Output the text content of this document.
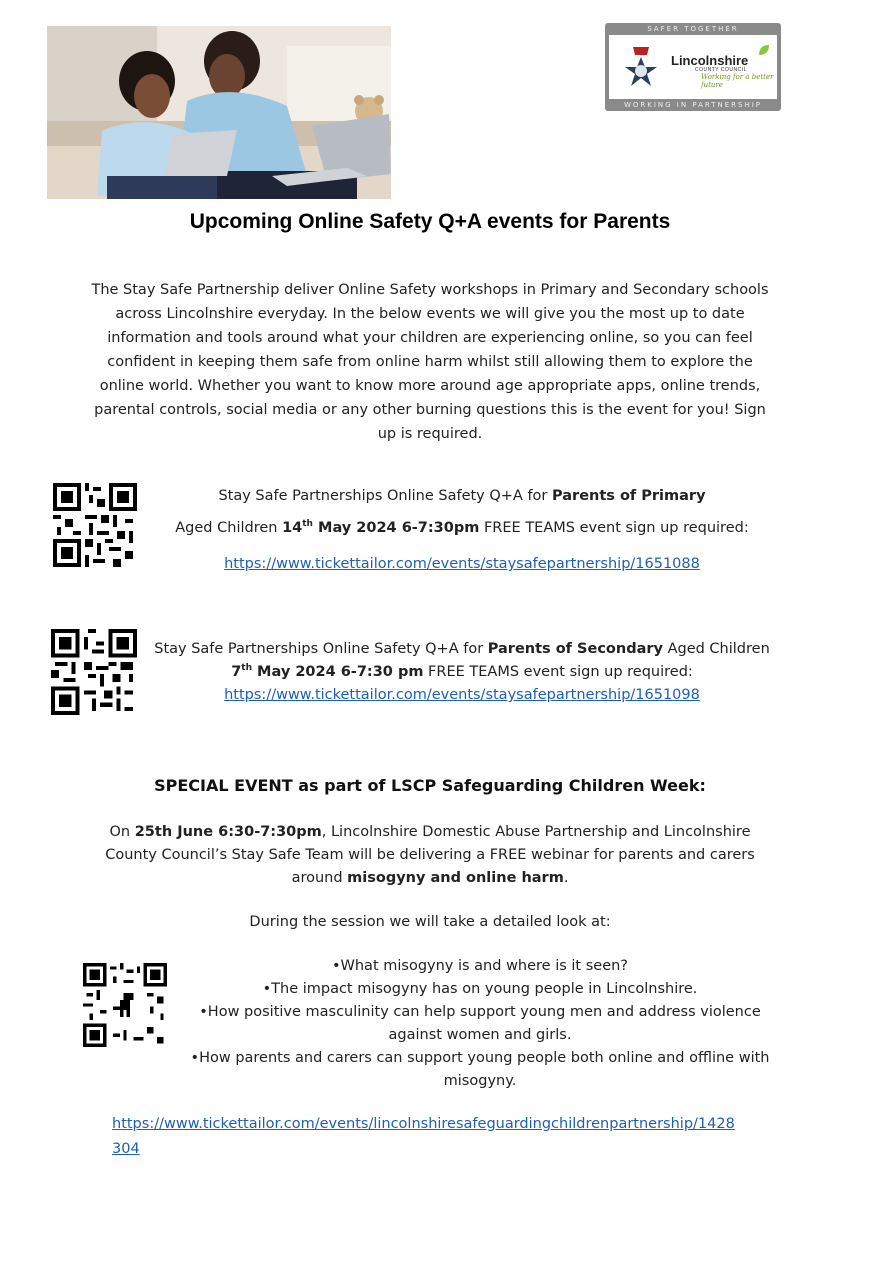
SAFER TOGETHER
Lincolnshire
COUNTY COUNCIL
Working for a better future
WORKING IN PARTNERSHIP
Upcoming Online Safety Q+A events for Parents
The Stay Safe Partnership deliver Online Safety workshops in Primary and Secondary schools across Lincolnshire everyday. In the below events we will give you the most up to date information and tools around what your children are experiencing online, so you can feel confident in keeping them safe from online harm whilst still allowing them to explore the online world. Whether you want to know more around age appropriate apps, online trends, parental controls, social media or any other burning questions this is the event for you! Sign up is required.
Stay Safe Partnerships Online Safety Q+A for Parents of Primary
Aged Children 14th May 2024 6-7:30pm FREE TEAMS event sign up required:
https://www.tickettailor.com/events/staysafepartnership/1651088
Stay Safe Partnerships Online Safety Q+A for Parents of Secondary Aged Children
7th May 2024 6-7:30 pm FREE TEAMS event sign up required:
https://www.tickettailor.com/events/staysafepartnership/1651098
SPECIAL EVENT as part of LSCP Safeguarding Children Week:
On 25th June 6:30-7:30pm, Lincolnshire Domestic Abuse Partnership and Lincolnshire County Council’s Stay Safe Team will be delivering a FREE webinar for parents and carers around misogyny and online harm.
During the session we will take a detailed look at:
•What misogyny is and where is it seen?
•The impact misogyny has on young people in Lincolnshire.
•How positive masculinity can help support young men and address violence against women and girls.
•How parents and carers can support young people both online and offline with misogyny.
https://www.tickettailor.com/events/lincolnshiresafeguardingchildrenpartnership/1428
304
